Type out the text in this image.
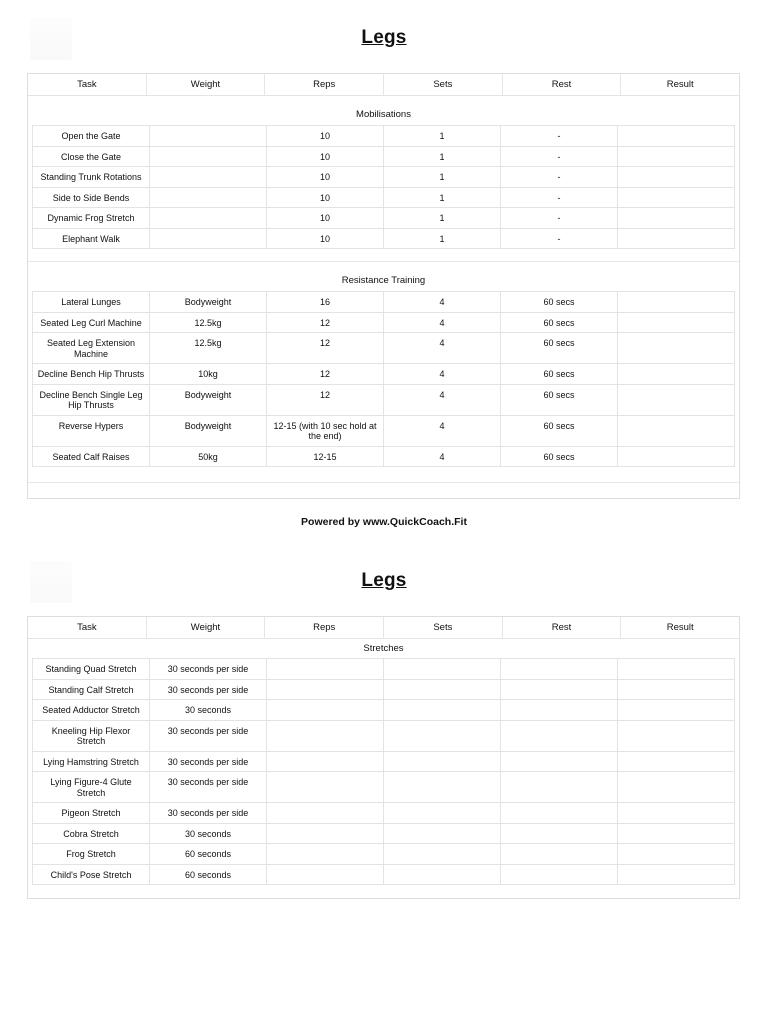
Legs
Task	Weight	Reps	Sets	Rest	Result
Mobilisations
Open the Gate		10	1	-	
Close the Gate		10	1	-	
Standing Trunk Rotations		10	1	-	
Side to Side Bends		10	1	-	
Dynamic Frog Stretch		10	1	-	
Elephant Walk		10	1	-	
Resistance Training
Lateral Lunges	Bodyweight	16	4	60 secs	
Seated Leg Curl Machine	12.5kg	12	4	60 secs	
Seated Leg Extension Machine	12.5kg	12	4	60 secs	
Decline Bench Hip Thrusts	10kg	12	4	60 secs	
Decline Bench Single Leg Hip Thrusts	Bodyweight	12	4	60 secs	
Reverse Hypers	Bodyweight	12-15 (with 10 sec hold at the end)	4	60 secs	
Seated Calf Raises	50kg	12-15	4	60 secs	
Powered by www.QuickCoach.Fit
Legs
Task	Weight	Reps	Sets	Rest	Result
Stretches
Standing Quad Stretch	30 seconds per side				
Standing Calf Stretch	30 seconds per side				
Seated Adductor Stretch	30 seconds				
Kneeling Hip Flexor Stretch	30 seconds per side				
Lying Hamstring Stretch	30 seconds per side				
Lying Figure-4 Glute Stretch	30 seconds per side				
Pigeon Stretch	30 seconds per side				
Cobra Stretch	30 seconds				
Frog Stretch	60 seconds				
Child's Pose Stretch	60 seconds				
